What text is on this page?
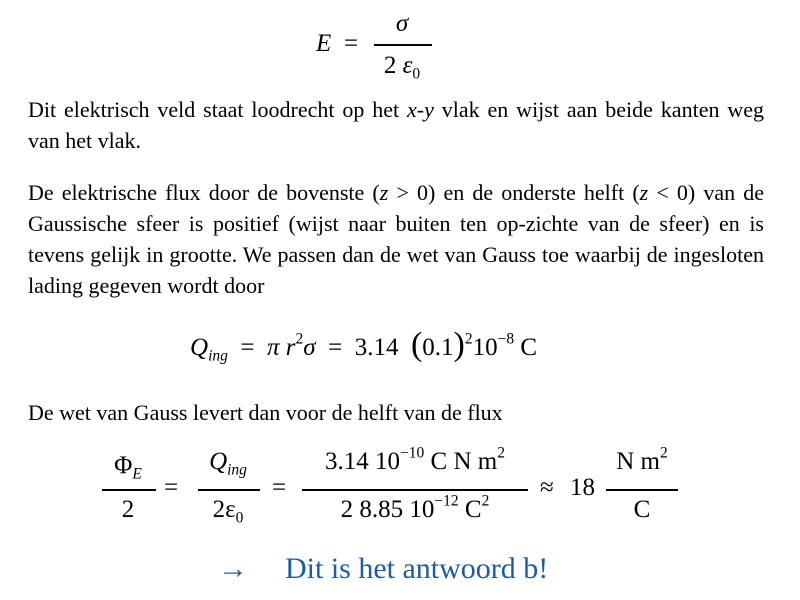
E =
σ
2 $\varepsilon_0$
Dit elektrisch veld staat loodrecht op het x-y vlak en wijst aan beide kanten weg van het vlak.
De elektrische flux door de bovenste (z > 0) en de onderste helft (z < 0) van de Gaussische sfeer is positief (wijst naar buiten ten op-zichte van de sfeer) en is tevens gelijk in grootte. We passen dan de wet van Gauss toe waarbij de ingesloten lading gegeven wordt door
$Q_{ing} = \pi$ $r^2\sigma = 3.14$ $(0.1)^210^{-8}$ C
De wet van Gauss levert dan voor de helft van de flux
$\Phi_E$
2
=
$Q_{ing}$
$2\varepsilon_0$
=
3.14 $10^{-10}$ C N $m^2$
2 8.85 $10^{-12}$ $C^2$	≈ 18
N $m^2$
C
→ Dit is het antwoord b!
